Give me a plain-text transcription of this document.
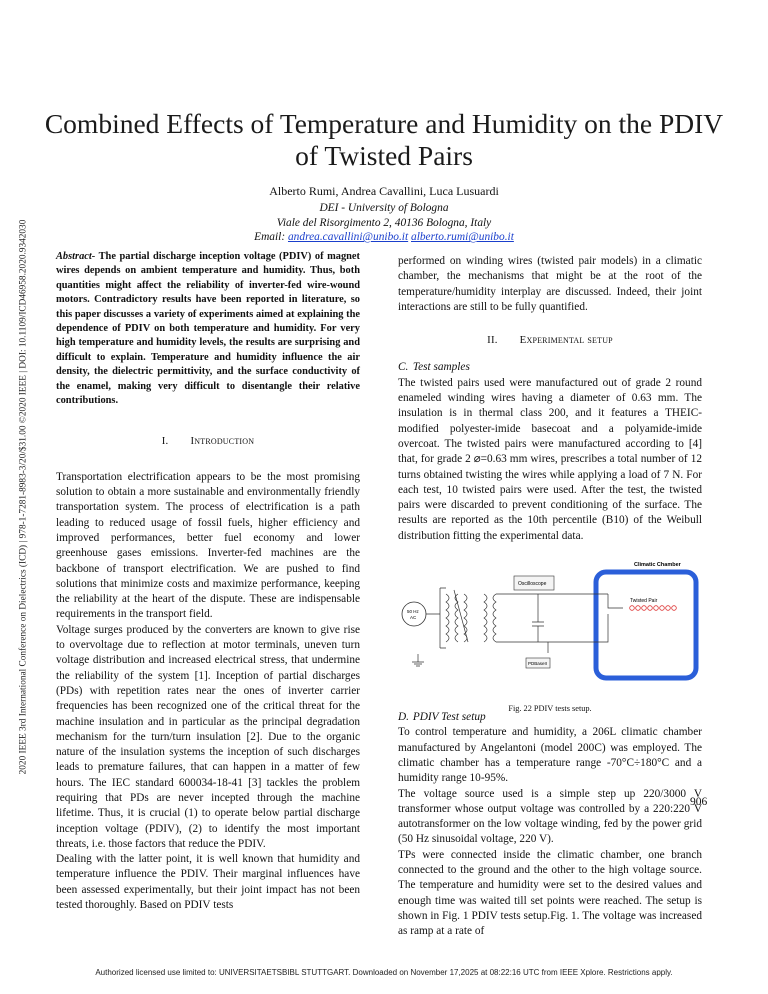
2020 IEEE 3rd International Conference on Dielectrics (ICD) | 978-1-7281-8983-3/20/$31.00 ©2020 IEEE | DOI: 10.1109/ICD46958.2020.9342030
Combined Effects of Temperature and Humidity on the PDIV of Twisted Pairs
Alberto Rumi, Andrea Cavallini, Luca Lusuardi
DEI - University of Bologna
Viale del Risorgimento 2, 40136 Bologna, Italy
Email: andrea.cavallini@unibo.it alberto.rumi@unibo.it

Abstract- The partial discharge inception voltage (PDIV) of magnet wires depends on ambient temperature and humidity. Thus, both quantities might affect the reliability of inverter-fed wire-wound motors. Contradictory results have been reported in literature, so this paper discusses a variety of experiments aimed at explaining the dependence of PDIV on both temperature and humidity. For very high temperature and humidity levels, the results are surprising and difficult to explain. Temperature and humidity influence the air density, the dielectric permittivity, and the surface conductivity of the enamel, making very difficult to disentangle their relative contributions.

I. Introduction

Transportation electrification appears to be the most promising solution to obtain a more sustainable and environmentally friendly transportation system. The process of electrification is a path leading to reduced usage of fossil fuels, higher efficiency and improved performances, better fuel economy and lower greenhouse gases emissions. Inverter-fed machines are the backbone of transport electrification. We are pushed to find solutions that minimize costs and maximize performance, keeping the reliability at the heart of the dispute. These are indispensable requirements in the transport field.

Voltage surges produced by the converters are known to give rise to overvoltage due to reflection at motor terminals, uneven turn voltage distribution and increased electrical stress, that undermine the reliability of the system [1]. Inception of partial discharges (PDs) with repetition rates near the ones of inverter carrier frequencies has been recognized one of the critical threat for the machine insulation and in particular as the principal degradation mechanism for the turn/turn insulation [2]. Due to the organic nature of the insulation systems the inception of such discharges leads to premature failures, that can happen in a matter of few hours. The IEC standard 600034-18-41 [3] tackles the problem requiring that PDs are never incepted through the machine lifetime. Thus, it is crucial (1) to operate below partial discharge inception voltage (PDIV), (2) to identify the most important threats, i.e. those factors that reduce the PDIV.

Dealing with the latter point, it is well known that humidity and temperature influence the PDIV. Their marginal influences have been assessed experimentally, but their joint impact has not been tested thoroughly. Based on PDIV tests

performed on winding wires (twisted pair models) in a climatic chamber, the mechanisms that might be at the root of the temperature/humidity interplay are discussed. Indeed, their joint interactions are still to be fully quantified.

II. Experimental setup
C. Test samples

The twisted pairs used were manufactured out of grade 2 round enameled winding wires having a diameter of 0.63 mm. The insulation is in thermal class 200, and it features a THEIC-modified polyester-imide basecoat and a polyamide-imide overcoat. The twisted pairs were manufactured according to [4] that, for grade 2 ⌀=0.63 mm wires, prescribes a total number of 12 turns obtained twisting the wires while applying a load of 7 N. For each test, 10 twisted pairs were used. After the test, the twisted pairs were discarded to prevent conditioning of the surface. The results are reported as the 10th percentile (B10) of the Weibull distribution fitting the experimental data.

Climatic Chamber
Oscilloscope
Twisted Pair
50 Hz
AC
PDBaseII
Fig. 22 PDIV tests setup.
D. PDIV Test setup

To control temperature and humidity, a 206L climatic chamber manufactured by Angelantoni (model 200C) was employed. The climatic chamber has a temperature range -70°C÷180°C and a humidity range 10-95%.

The voltage source used is a simple step up 220/3000 V transformer whose output voltage was controlled by a 220:220 V autotransformer on the low voltage winding, fed by the power grid (50 Hz sinusoidal voltage, 220 V).

TPs were connected inside the climatic chamber, one branch connected to the ground and the other to the high voltage source. The temperature and humidity were set to the desired values and enough time was waited till set points were reached. The setup is shown in Fig. 1 PDIV tests setup.Fig. 1. The voltage was increased as ramp at a rate of

906
Authorized licensed use limited to: UNIVERSITAETSBIBL STUTTGART. Downloaded on November 17,2025 at 08:22:16 UTC from IEEE Xplore. Restrictions apply.
